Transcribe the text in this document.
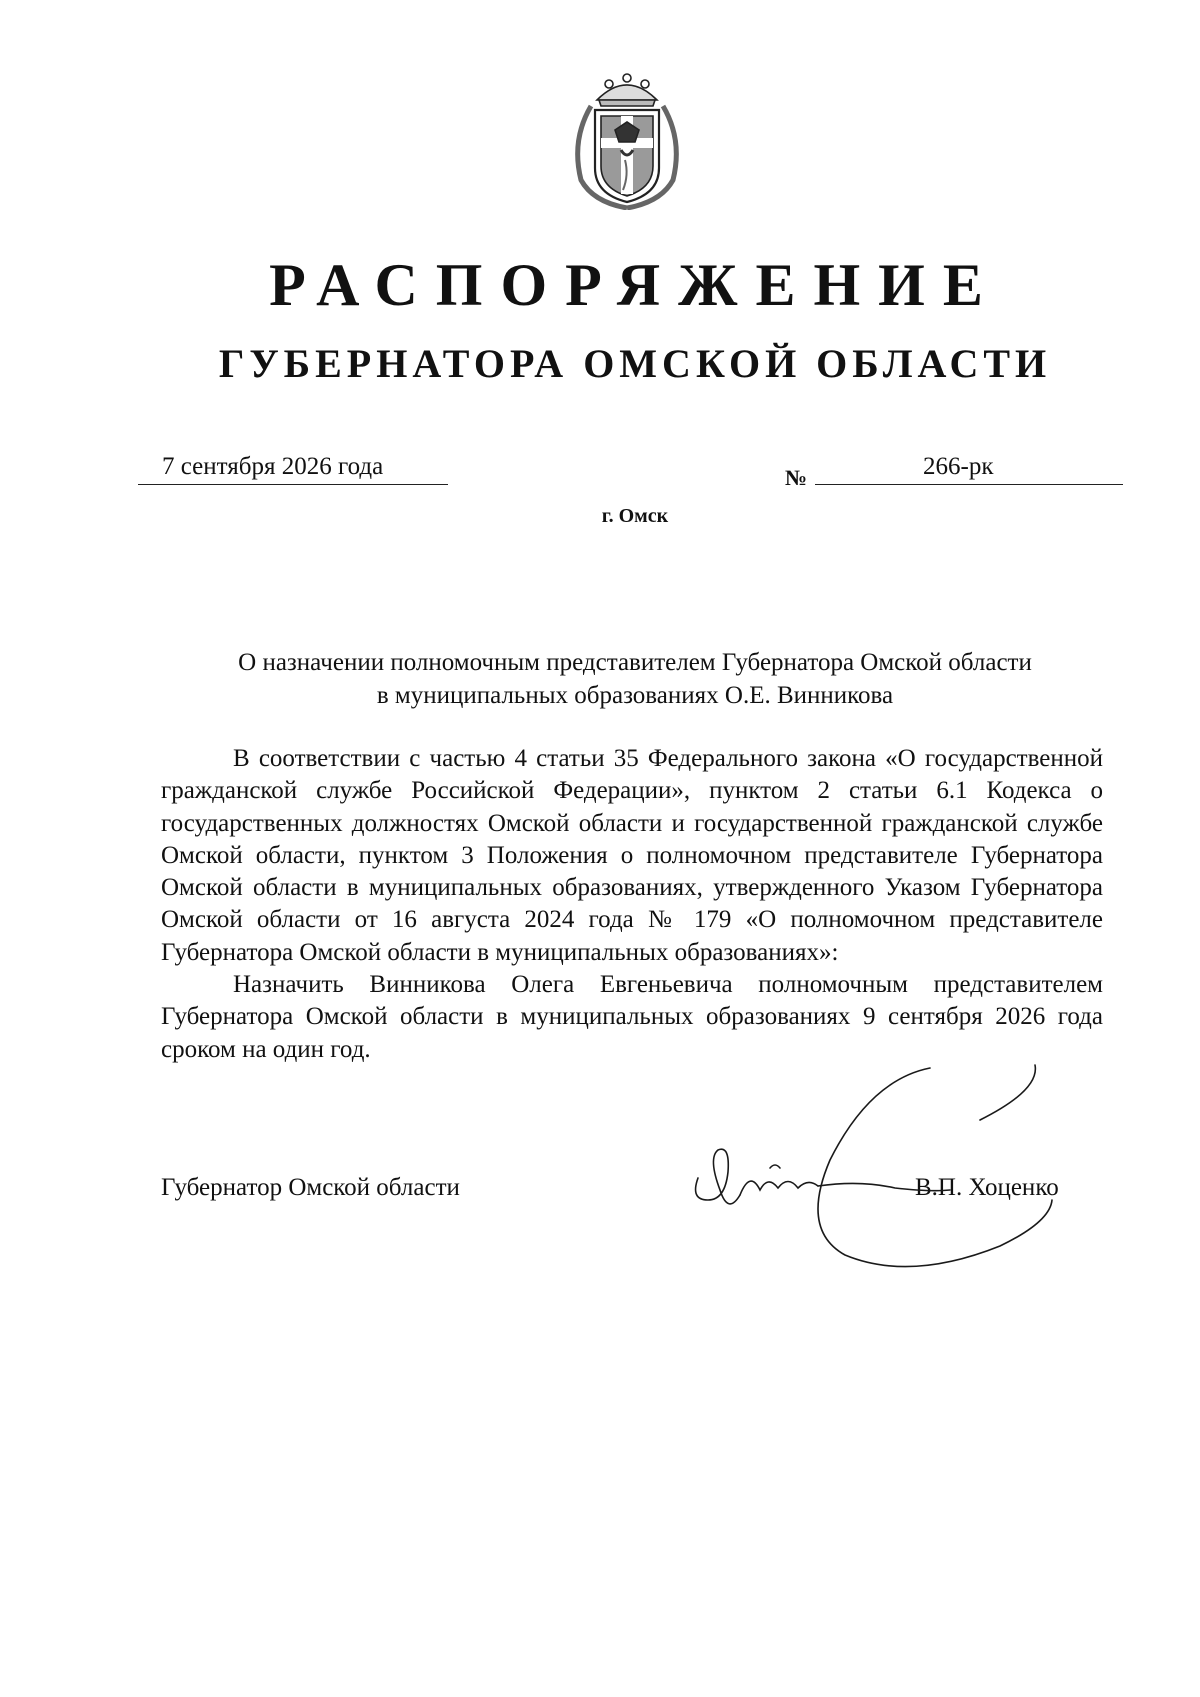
РАСПОРЯЖЕНИЕ
ГУБЕРНАТОРА ОМСКОЙ ОБЛАСТИ
7 сентября 2026 года	№	266-рк
г. Омск
О назначении полномочным представителем Губернатора Омской области
в муниципальных образованиях О.Е. Винникова

В соответствии с частью 4 статьи 35 Федерального закона «О государственной гражданской службе Российской Федерации», пунктом 2 статьи 6.1 Кодекса о государственных должностях Омской области и государственной гражданской службе Омской области, пунктом 3 Положения о полномочном представителе Губернатора Омской области в муниципальных образованиях, утвержденного Указом Губернатора Омской области от 16 августа 2024 года № 179 «О полномочном представителе Губернатора Омской области в муниципальных образованиях»:

Назначить Винникова Олега Евгеньевича полномочным представителем Губернатора Омской области в муниципальных образованиях 9 сентября 2026 года сроком на один год.

Губернатор Омской области	В.П. Хоценко
